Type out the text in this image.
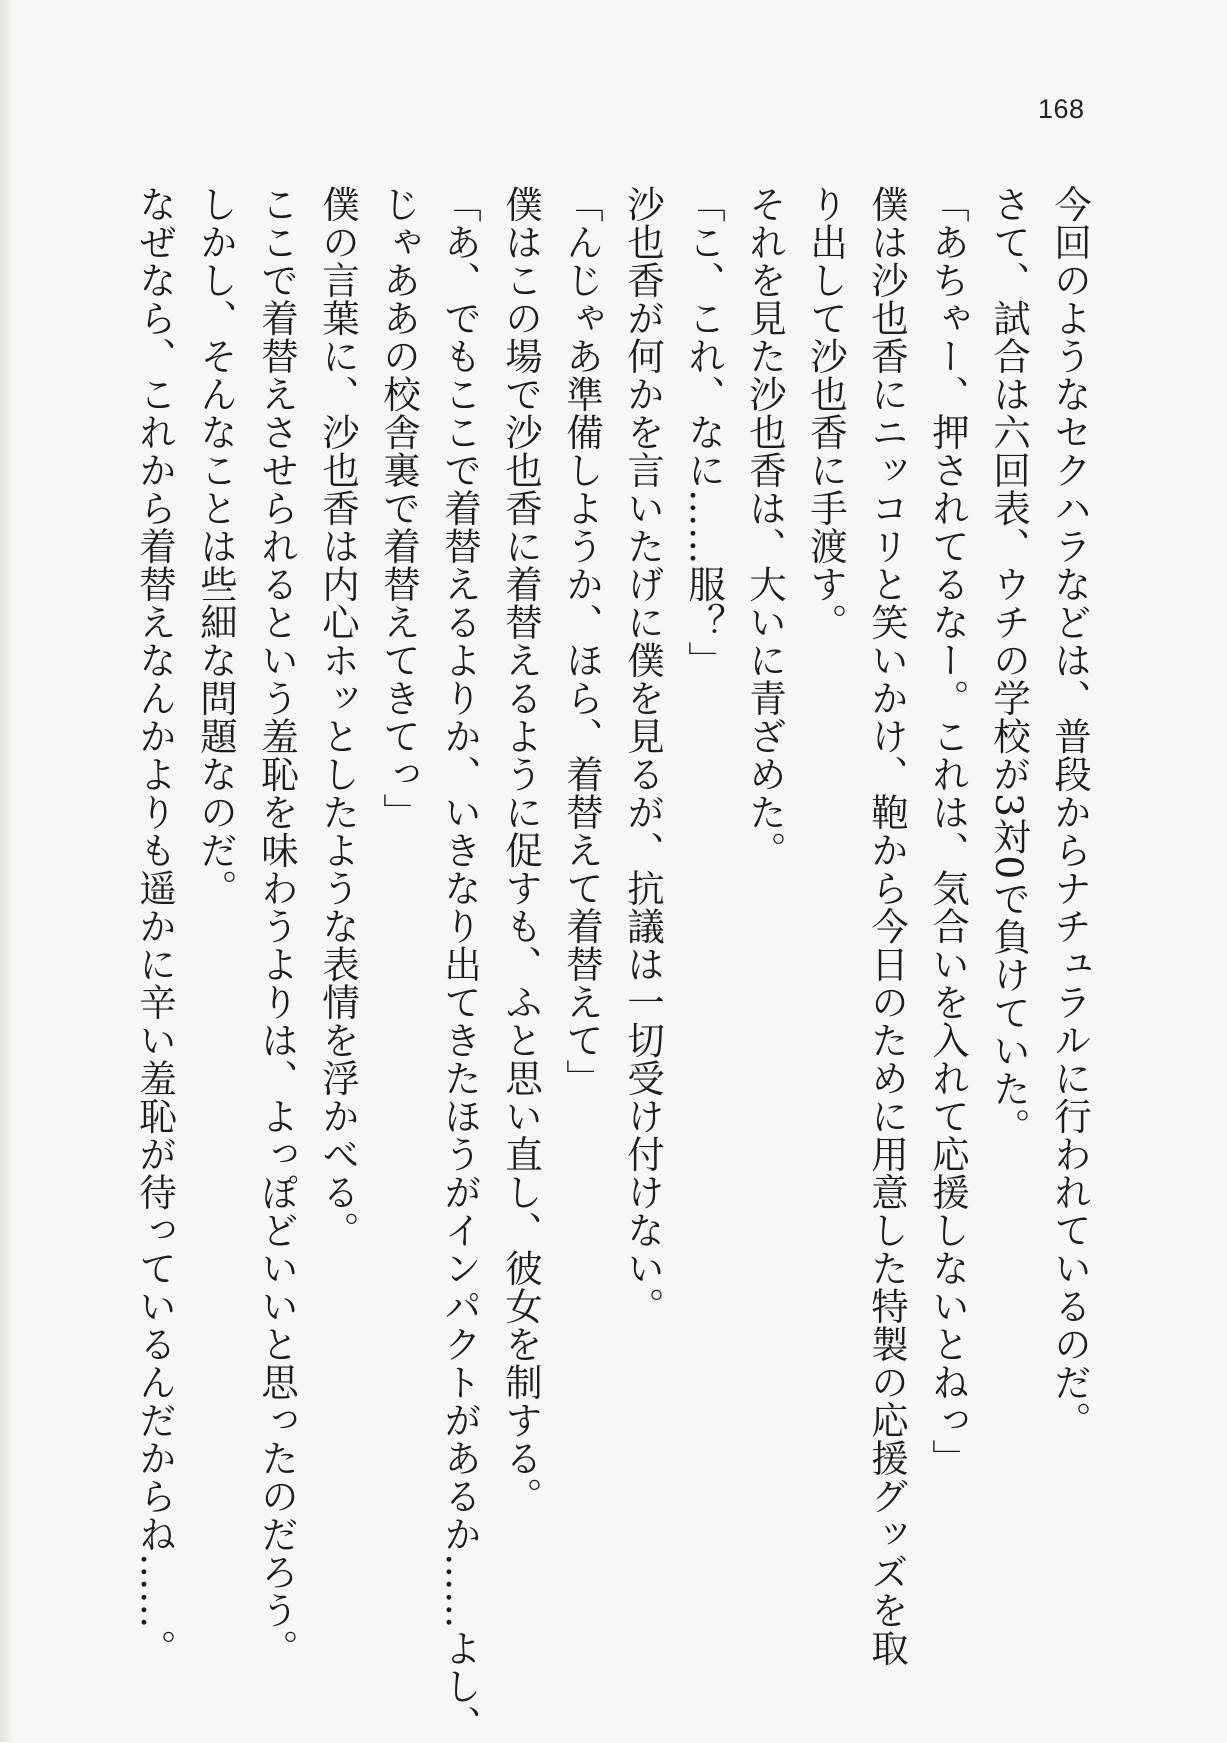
168

今回のようなセクハラなどは、普段からナチュラルに行われているのだ。

さて、試合は六回表、ウチの学校が3対0で負けていた。

「あちゃー、押されてるなー。これは、気合いを入れて応援しないとねっ」

僕は沙也香にニッコリと笑いかけ、鞄から今日のために用意した特製の応援グッズを取

り出して沙也香に手渡す。

それを見た沙也香は、大いに青ざめた。

「こ、これ、なに……服？」

沙也香が何かを言いたげに僕を見るが、抗議は一切受け付けない。

「んじゃあ準備しようか、ほら、着替えて着替えて」

僕はこの場で沙也香に着替えるように促すも、ふと思い直し、彼女を制する。

「あ、でもここで着替えるよりか、いきなり出てきたほうがインパクトがあるか……よし、

じゃああの校舎裏で着替えてきてっ」

僕の言葉に、沙也香は内心ホッとしたような表情を浮かべる。

ここで着替えさせられるという羞恥を味わうよりは、よっぽどいいと思ったのだろう。

しかし、そんなことは些細な問題なのだ。

なぜなら、これから着替えなんかよりも遥かに辛い羞恥が待っているんだからね……。
